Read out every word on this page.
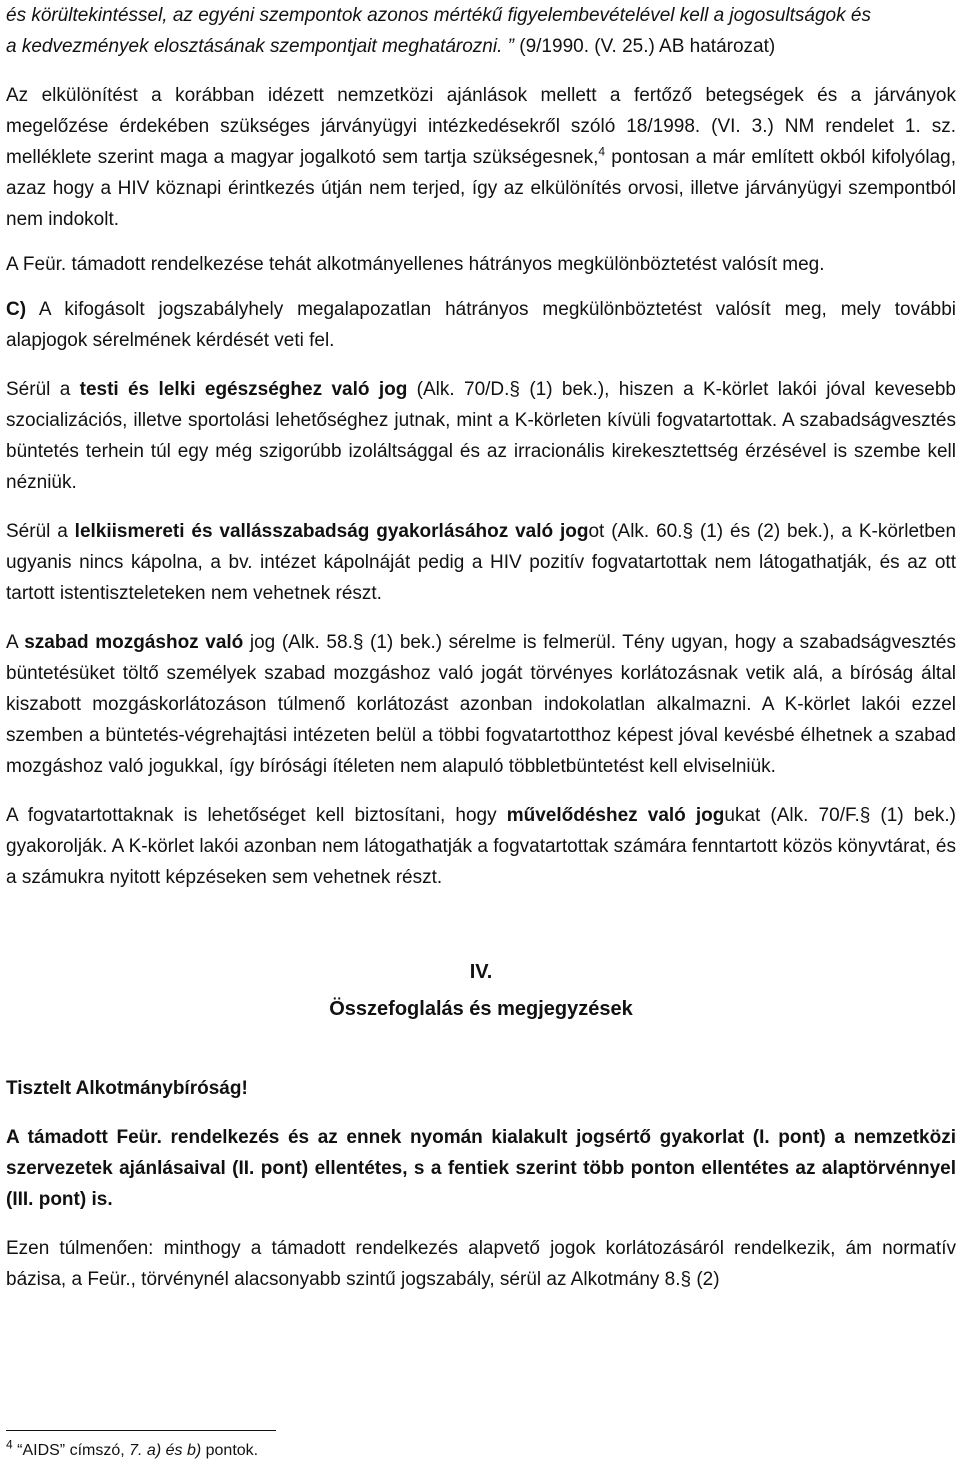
és körültekintéssel, az egyéni szempontok azonos mértékű figyelembevételével kell a jogosultságok és
a kedvezmények elosztásának szempontjait meghatározni. ” (9/1990. (V. 25.) AB határozat)

Az elkülönítést a korábban idézett nemzetközi ajánlások mellett a fertőző betegségek és a járványok megelőzése érdekében szükséges járványügyi intézkedésekről szóló 18/1998. (VI. 3.) NM rendelet 1. sz. melléklete szerint maga a magyar jogalkotó sem tartja szükségesnek,$^4$ pontosan a már említett okból kifolyólag, azaz hogy a HIV köznapi érintkezés útján nem terjed, így az elkülönítés orvosi, illetve járványügyi szempontból nem indokolt.

A Feür. támadott rendelkezése tehát alkotmányellenes hátrányos megkülönböztetést valósít meg.

C) A kifogásolt jogszabályhely megalapozatlan hátrányos megkülönböztetést valósít meg, mely további alapjogok sérelmének kérdését veti fel.

Sérül a testi és lelki egészséghez való jog (Alk. 70/D.§ (1) bek.), hiszen a K-körlet lakói jóval kevesebb szocializációs, illetve sportolási lehetőséghez jutnak, mint a K-körleten kívüli fogvatartottak. A szabadságvesztés büntetés terhein túl egy még szigorúbb izoláltsággal és az irracionális kirekesztettség érzésével is szembe kell nézniük.

Sérül a lelkiismereti és vallásszabadság gyakorlásához való jogot (Alk. 60.§ (1) és (2) bek.), a K-körletben ugyanis nincs kápolna, a bv. intézet kápolnáját pedig a HIV pozitív fogvatartottak nem látogathatják, és az ott tartott istentiszteleteken nem vehetnek részt.

A szabad mozgáshoz való jog (Alk. 58.§ (1) bek.) sérelme is felmerül. Tény ugyan, hogy a szabadságvesztés büntetésüket töltő személyek szabad mozgáshoz való jogát törvényes korlátozásnak vetik alá, a bíróság által kiszabott mozgáskorlátozáson túlmenő korlátozást azonban indokolatlan alkalmazni. A K-körlet lakói ezzel szemben a büntetés-végrehajtási intézeten belül a többi fogvatartotthoz képest jóval kevésbé élhetnek a szabad mozgáshoz való jogukkal, így bírósági ítéleten nem alapuló többletbüntetést kell elviselniük.

A fogvatartottaknak is lehetőséget kell biztosítani, hogy művelődéshez való jogukat (Alk. 70/F.§ (1) bek.) gyakorolják. A K-körlet lakói azonban nem látogathatják a fogvatartottak számára fenntartott közös könyvtárat, és a számukra nyitott képzéseken sem vehetnek részt.

IV.
Összefoglalás és megjegyzések

Tisztelt Alkotmánybíróság!

A támadott Feür. rendelkezés és az ennek nyomán kialakult jogsértő gyakorlat (I. pont) a nemzetközi szervezetek ajánlásaival (II. pont) ellentétes, s a fentiek szerint több ponton ellentétes az alaptörvénnyel (III. pont) is.

Ezen túlmenően: minthogy a támadott rendelkezés alapvető jogok korlátozásáról rendelkezik, ám normatív bázisa, a Feür., törvénynél alacsonyabb szintű jogszabály, sérül az Alkotmány 8.§ (2)

$^4$ “AIDS” címszó, 7. a) és b) pontok.
